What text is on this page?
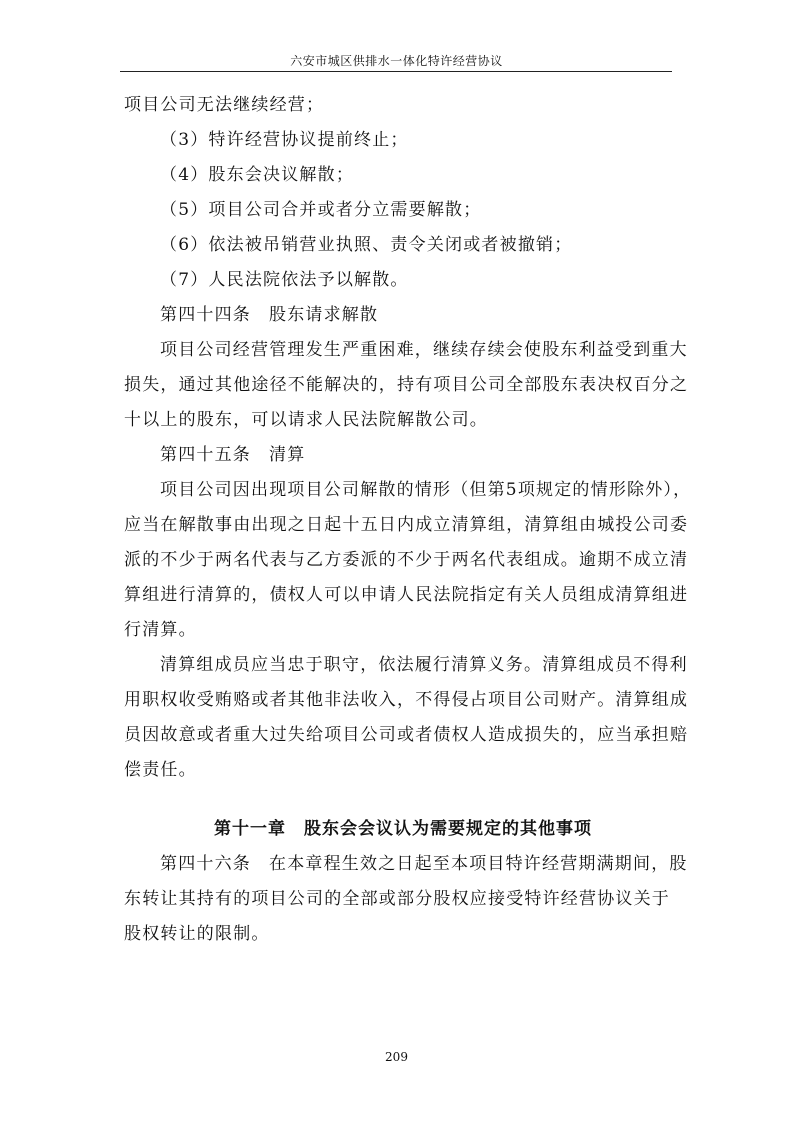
六安市城区供排水一体化特许经营协议
项目公司无法继续经营；
（3）特许经营协议提前终止；
（4）股东会决议解散；
（5）项目公司合并或者分立需要解散；
（6）依法被吊销营业执照、责令关闭或者被撤销；
（7）人民法院依法予以解散。
第四十四条 股东请求解散
项目公司经营管理发生严重困难，继续存续会使股东利益受到重大
损失，通过其他途径不能解决的，持有项目公司全部股东表决权百分之
十以上的股东，可以请求人民法院解散公司。
第四十五条 清算
项目公司因出现项目公司解散的情形（但第5项规定的情形除外），
应当在解散事由出现之日起十五日内成立清算组，清算组由城投公司委
派的不少于两名代表与乙方委派的不少于两名代表组成。逾期不成立清
算组进行清算的，债权人可以申请人民法院指定有关人员组成清算组进
行清算。
清算组成员应当忠于职守，依法履行清算义务。清算组成员不得利
用职权收受贿赂或者其他非法收入，不得侵占项目公司财产。清算组成
员因故意或者重大过失给项目公司或者债权人造成损失的，应当承担赔
偿责任。
第十一章 股东会会议认为需要规定的其他事项
第四十六条 在本章程生效之日起至本项目特许经营期满期间，股
东转让其持有的项目公司的全部或部分股权应接受特许经营协议关于
股权转让的限制。
209
